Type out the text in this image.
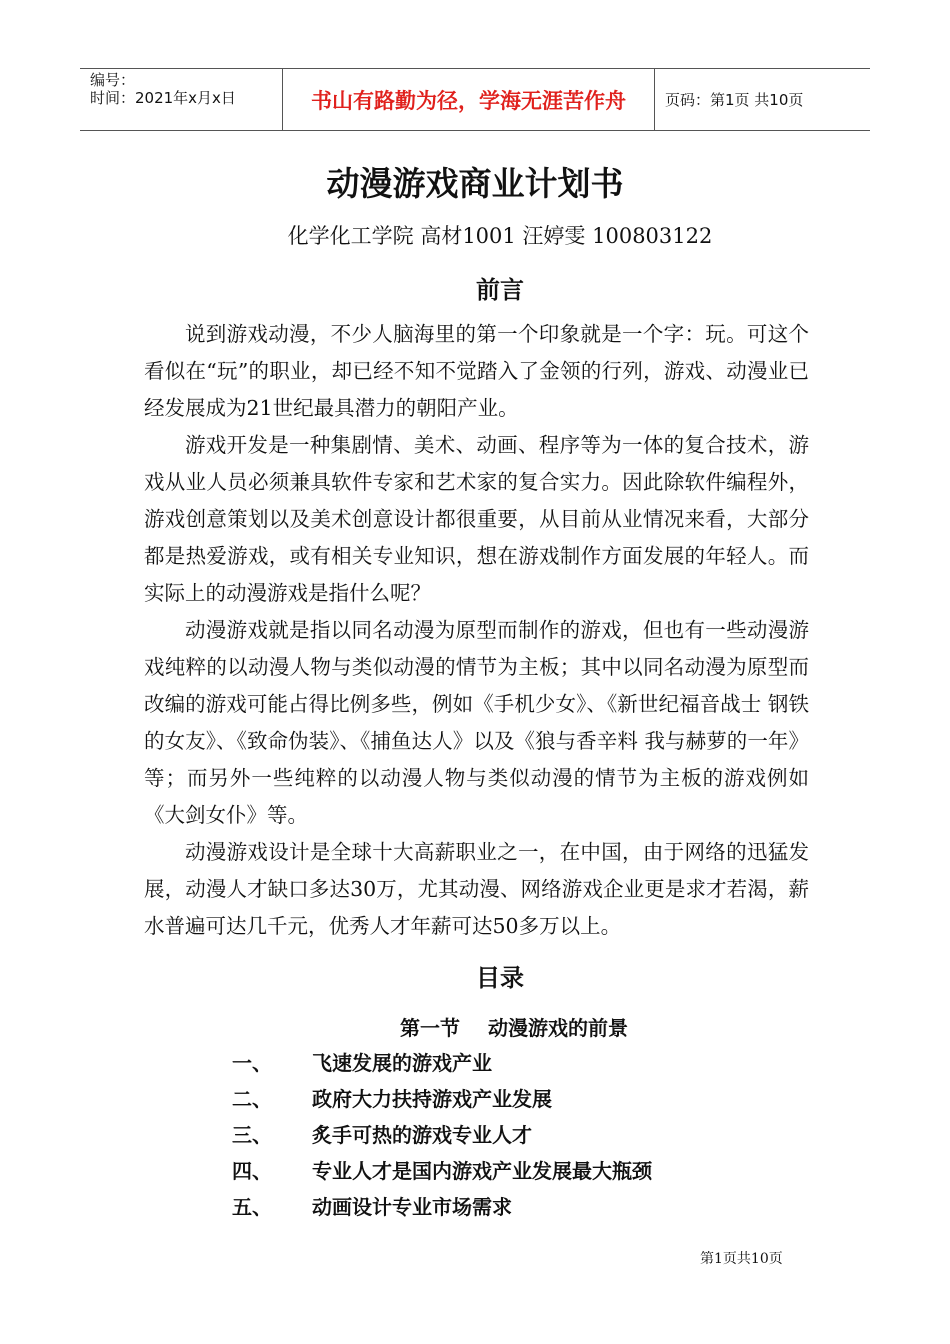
编号：
时间：2021年x月x日	书山有路勤为径，学海无涯苦作舟	页码：第1页 共10页
动漫游戏商业计划书
化学化工学院 高材1001 汪婷雯 100803122
前言

说到游戏动漫，不少人脑海里的第一个印象就是一个字：玩。可这个看似在“玩”的职业，却已经不知不觉踏入了金领的行列，游戏、动漫业已经发展成为21世纪最具潜力的朝阳产业。

游戏开发是一种集剧情、美术、动画、程序等为一体的复合技术，游戏从业人员必须兼具软件专家和艺术家的复合实力。因此除软件编程外，游戏创意策划以及美术创意设计都很重要，从目前从业情况来看，大部分都是热爱游戏，或有相关专业知识，想在游戏制作方面发展的年轻人。而实际上的动漫游戏是指什么呢？

动漫游戏就是指以同名动漫为原型而制作的游戏，但也有一些动漫游戏纯粹的以动漫人物与类似动漫的情节为主板；其中以同名动漫为原型而改编的游戏可能占得比例多些，例如《手机少女》、《新世纪福音战士 钢铁的女友》、《致命伪装》、《捕鱼达人》以及《狼与香辛料 我与赫萝的一年》等；而另外一些纯粹的以动漫人物与类似动漫的情节为主板的游戏例如《大剑女仆》等。

动漫游戏设计是全球十大高薪职业之一，在中国，由于网络的迅猛发展，动漫人才缺口多达30万，尤其动漫、网络游戏企业更是求才若渴，薪水普遍可达几千元，优秀人才年薪可达50多万以上。

目录
第一节 动漫游戏的前景
一、	飞速发展的游戏产业
二、	政府大力扶持游戏产业发展
三、	炙手可热的游戏专业人才
四、	专业人才是国内游戏产业发展最大瓶颈
五、	动画设计专业市场需求
第1页共10页
